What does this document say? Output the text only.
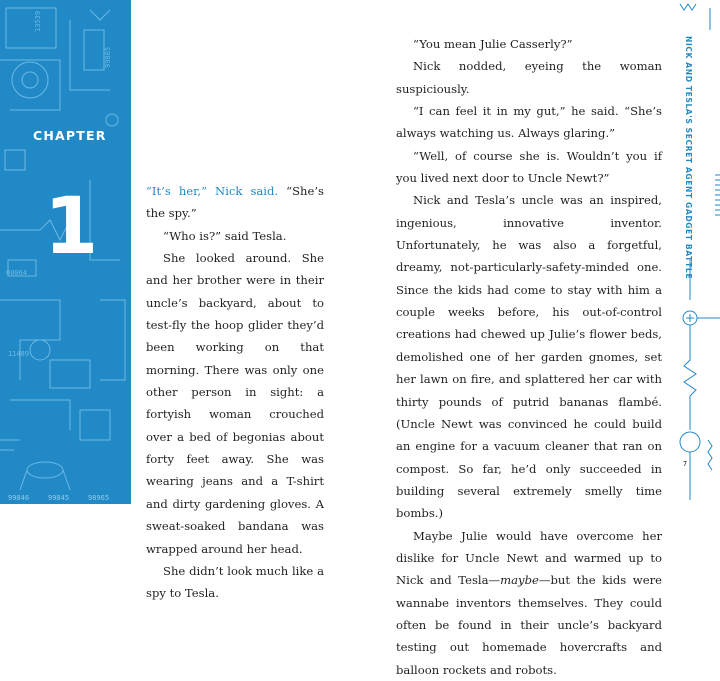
13539
00064
11489
99865
CHAPTER
1
99846	99845	98965

“It’s her,” Nick said. “She’s the spy.”

“Who is?” said Tesla.

She looked around. She and her brother were in their uncle’s backyard, about to test-fly the hoop glider they’d been working on that morning. There was only one other person in sight: a fortyish woman crouched over a bed of begonias about forty feet away. She was wearing jeans and a T-shirt and dirty gardening gloves. A sweat-soaked bandana was wrapped around her head.

She didn’t look much like a spy to Tesla.

“You mean Julie Casserly?”

Nick nodded, eyeing the woman suspiciously.

“I can feel it in my gut,” he said. “She’s always watching us. Always glaring.”

“Well, of course she is. Wouldn’t you if you lived next door to Uncle Newt?”

Nick and Tesla’s uncle was an inspired, ingenious, innovative inventor. Unfortunately, he was also a forgetful, dreamy, not-particularly-safety-minded one. Since the kids had come to stay with him a couple weeks before, his out-of-control creations had chewed up Julie’s flower beds, demolished one of her garden gnomes, set her lawn on fire, and splattered her car with thirty pounds of putrid bananas flambé. (Uncle Newt was convinced he could build an engine for a vacuum cleaner that ran on compost. So far, he’d only succeeded in building several extremely smelly time bombs.)

Maybe Julie would have overcome her dislike for Uncle Newt and warmed up to Nick and Tesla—maybe—but the kids were wannabe inventors themselves. They could often be found in their uncle’s backyard testing out homemade hovercrafts and balloon rockets and robots.

NICK AND TESLA'S SECRET AGENT GADGET BATTLE
7
